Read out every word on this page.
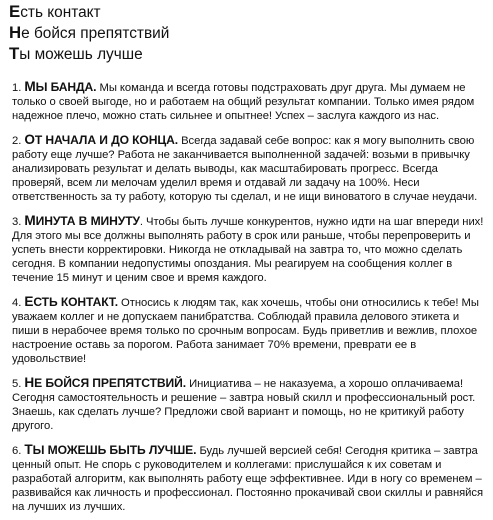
Есть контакт

Не бойся препятствий

Ты можешь лучше

1. МЫ БАНДА. Мы команда и всегда готовы подстраховать друг друга. Мы думаем не только о своей выгоде, но и работаем на общий результат компании. Только имея рядом надежное плечо, можно стать сильнее и опытнее! Успех – заслуга каждого из нас.

2. ОТ НАЧАЛА И ДО КОНЦА. Всегда задавай себе вопрос: как я могу выполнить свою работу еще лучше? Работа не заканчивается выполненной задачей: возьми в привычку анализировать результат и делать выводы, как масштабировать прогресс. Всегда проверяй, всем ли мелочам уделил время и отдавай ли задачу на 100%. Неси ответственность за ту работу, которую ты сделал, и не ищи виноватого в случае неудачи.

3. МИНУТА В МИНУТУ. Чтобы быть лучше конкурентов, нужно идти на шаг впереди них! Для этого мы все должны выполнять работу в срок или раньше, чтобы перепроверить и успеть внести корректировки. Никогда не откладывай на завтра то, что можно сделать сегодня. В компании недопустимы опоздания. Мы реагируем на сообщения коллег в течение 15 минут и ценим свое и время каждого.

4. ЕСТЬ КОНТАКТ. Относись к людям так, как хочешь, чтобы они относились к тебе! Мы уважаем коллег и не допускаем панибратства. Соблюдай правила делового этикета и пиши в нерабочее время только по срочным вопросам. Будь приветлив и вежлив, плохое настроение оставь за порогом. Работа занимает 70% времени, преврати ее в удовольствие!

5. НЕ БОЙСЯ ПРЕПЯТСТВИЙ. Инициатива – не наказуема, а хорошо оплачиваема! Сегодня самостоятельность и решение – завтра новый скилл и профессиональный рост. Знаешь, как сделать лучше? Предложи свой вариант и помощь, но не критикуй работу другого.

6. ТЫ МОЖЕШЬ БЫТЬ ЛУЧШЕ. Будь лучшей версией себя! Сегодня критика – завтра ценный опыт. Не спорь с руководителем и коллегами: прислушайся к их советам и разработай алгоритм, как выполнять работу еще эффективнее. Иди в ногу со временем – развивайся как личность и профессионал. Постоянно прокачивай свои скиллы и равняйся на лучших из лучших.
